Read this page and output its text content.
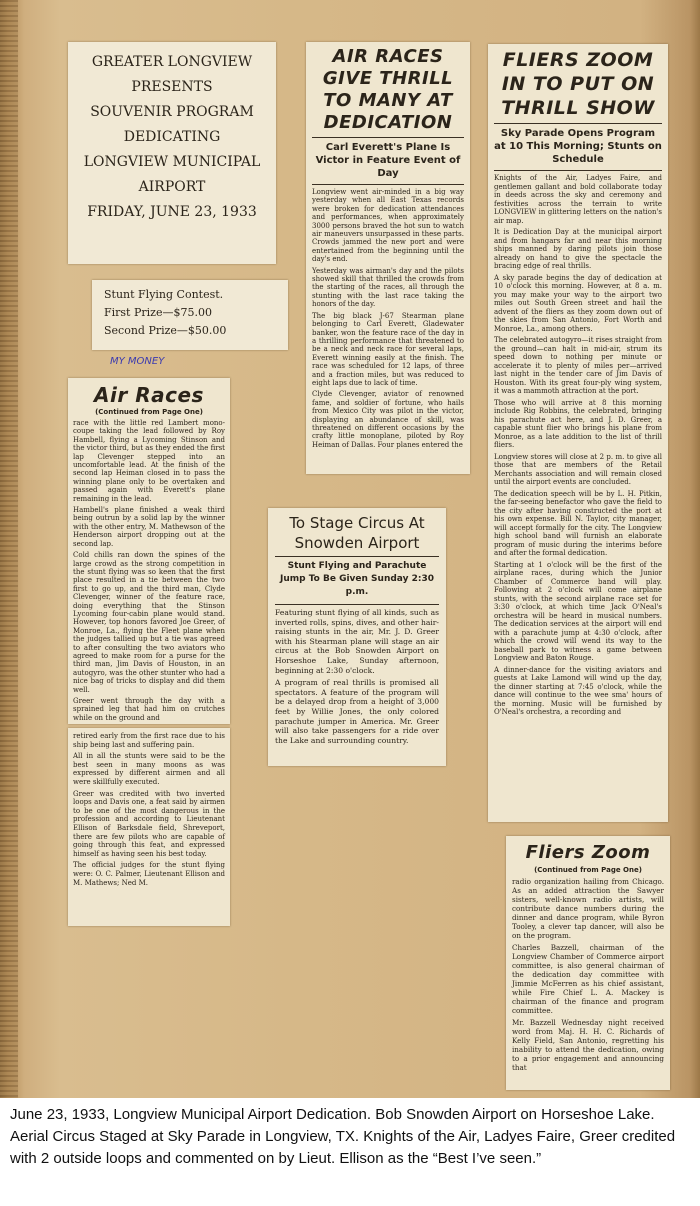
GREATER LONGVIEW
PRESENTS
SOUVENIR PROGRAM
DEDICATING
LONGVIEW MUNICIPAL
AIRPORT
FRIDAY, JUNE 23, 1933
Stunt Flying Contest.
First Prize—$75.00
Second Prize—$50.00
MY MONEY
Air Races
(Continued from Page One)

race with the little red Lambert mono-coupe taking the lead followed by Roy Hambell, flying a Lycoming Stinson and the victor third, but as they ended the first lap Clevenger stepped into an uncomfortable lead. At the finish of the second lap Heiman closed in to pass the winning plane only to be overtaken and passed again with Everett's plane remaining in the lead.

Hambell's plane finished a weak third being outrun by a solid lap by the winner with the other entry, M. Mathewson of the Henderson airport dropping out at the second lap.

Cold chills ran down the spines of the large crowd as the strong competition in the stunt flying was so keen that the first place resulted in a tie between the two first to go up, and the third man, Clyde Clevenger, winner of the feature race, doing everything that the Stinson Lycoming four-cabin plane would stand. However, top honors favored Joe Greer, of Monroe, La., flying the Fleet plane when the judges tallied up but a tie was agreed to after consulting the two aviators who agreed to make room for a purse for the third man, Jim Davis of Houston, in an autogyro, was the other stunter who had a nice bag of tricks to display and did them well.

Greer went through the day with a sprained leg that had him on crutches while on the ground and

retired early from the first race due to his ship being last and suffering pain.

All in all the stunts were said to be the best seen in many moons as was expressed by different airmen and all were skillfully executed.

Greer was credited with two inverted loops and Davis one, a feat said by airmen to be one of the most dangerous in the profession and according to Lieutenant Ellison of Barksdale field, Shreveport, there are few pilots who are capable of going through this feat, and expressed himself as having seen his best today.

The official judges for the stunt flying were: O. C. Palmer, Lieutenant Ellison and M. Mathews; Ned M.

AIR RACES GIVE THRILL TO MANY AT DEDICATION
Carl Everett's Plane Is Victor in Feature Event of Day

Longview went air-minded in a big way yesterday when all East Texas records were broken for dedication attendances and performances, when approximately 3000 persons braved the hot sun to watch air maneuvers unsurpassed in these parts. Crowds jammed the new port and were entertained from the beginning until the day's end.

Yesterday was airman's day and the pilots showed skill that thrilled the crowds from the starting of the races, all through the stunting with the last race taking the honors of the day.

The big black J-67 Stearman plane belonging to Carl Everett, Gladewater banker, won the feature race of the day in a thrilling performance that threatened to be a neck and neck race for several laps, Everett winning easily at the finish. The race was scheduled for 12 laps, of three and a fraction miles, but was reduced to eight laps due to lack of time.

Clyde Clevenger, aviator of renowned fame, and soldier of fortune, who hails from Mexico City was pilot in the victor, displaying an abundance of skill, was threatened on different occasions by the crafty little monoplane, piloted by Roy Heiman of Dallas. Four planes entered the

To Stage Circus At Snowden Airport
Stunt Flying and Parachute Jump To Be Given Sunday 2:30 p.m.

Featuring stunt flying of all kinds, such as inverted rolls, spins, dives, and other hair-raising stunts in the air, Mr. J. D. Greer with his Stearman plane will stage an air circus at the Bob Snowden Airport on Horseshoe Lake, Sunday afternoon, beginning at 2:30 o'clock.

A program of real thrills is promised all spectators. A feature of the program will be a delayed drop from a height of 3,000 feet by Willie Jones, the only colored parachute jumper in America. Mr. Greer will also take passengers for a ride over the Lake and surrounding country.

FLIERS ZOOM IN TO PUT ON THRILL SHOW
Sky Parade Opens Program at 10 This Morning; Stunts on Schedule

Knights of the Air, Ladyes Faire, and gentlemen gallant and bold collaborate today in deeds across the sky and ceremony and festivities across the terrain to write LONGVIEW in glittering letters on the nation's air map.

It is Dedication Day at the municipal airport and from hangars far and near this morning ships manned by daring pilots join those already on hand to give the spectacle the bracing edge of real thrills.

A sky parade begins the day of dedication at 10 o'clock this morning. However, at 8 a. m. you may make your way to the airport two miles out South Green street and hail the advent of the fliers as they zoom down out of the skies from San Antonio, Fort Worth and Monroe, La., among others.

The celebrated autogyro—it rises straight from the ground—can halt in mid-air, strum its speed down to nothing per minute or accelerate it to plenty of miles per—arrived last night in the tender care of Jim Davis of Houston. With its great four-ply wing system, it was a mammoth attraction at the port.

Those who will arrive at 8 this morning include Rig Robbins, the celebrated, bringing his parachute act here, and J. D. Greer, a capable stunt flier who brings his plane from Monroe, as a late addition to the list of thrill fliers.

Longview stores will close at 2 p. m. to give all those that are members of the Retail Merchants association and will remain closed until the airport events are concluded.

The dedication speech will be by L. H. Pitkin, the far-seeing benefactor who gave the field to the city after having constructed the port at his own expense. Bill N. Taylor, city manager, will accept formally for the city. The Longview high school band will furnish an elaborate program of music during the interims before and after the formal dedication.

Starting at 1 o'clock will be the first of the airplane races, during which the Junior Chamber of Commerce band will play. Following at 2 o'clock will come airplane stunts, with the second airplane race set for 3:30 o'clock, at which time Jack O'Neal's orchestra will be heard in musical numbers. The dedication services at the airport will end with a parachute jump at 4:30 o'clock, after which the crowd will wend its way to the baseball park to witness a game between Longview and Baton Rouge.

A dinner-dance for the visiting aviators and guests at Lake Lamond will wind up the day, the dinner starting at 7:45 o'clock, while the dance will continue to the wee sma' hours of the morning. Music will be furnished by O'Neal's orchestra, a recording and

Fliers Zoom
(Continued from Page One)

radio organization hailing from Chicago. As an added attraction the Sawyer sisters, well-known radio artists, will contribute dance numbers during the dinner and dance program, while Byron Tooley, a clever tap dancer, will also be on the program.

Charles Bazzell, chairman of the Longview Chamber of Commerce airport committee, is also general chairman of the dedication day committee with Jimmie McFerren as his chief assistant, while Fire Chief L. A. Mackey is chairman of the finance and program committee.

Mr. Bazzell Wednesday night received word from Maj. H. H. C. Richards of Kelly Field, San Antonio, regretting his inability to attend the dedication, owing to a prior engagement and announcing that

June 23, 1933, Longview Municipal Airport Dedication. Bob Snowden Airport on Horseshoe Lake.
Aerial Circus Staged at Sky Parade in Longview, TX. Knights of the Air, Ladyes Faire, Greer credited
with 2 outside loops and commented on by Lieut. Ellison as the “Best I’ve seen.”
